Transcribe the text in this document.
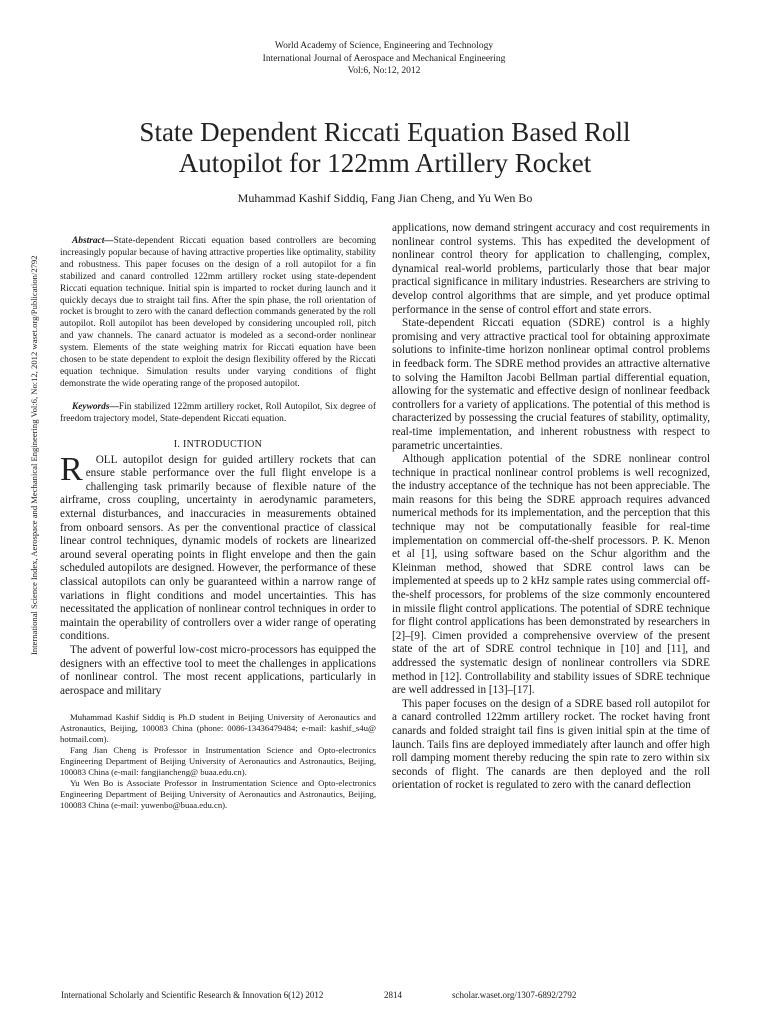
World Academy of Science, Engineering and Technology
International Journal of Aerospace and Mechanical Engineering
Vol:6, No:12, 2012
State Dependent Riccati Equation Based Roll
Autopilot for 122mm Artillery Rocket
Muhammad Kashif Siddiq, Fang Jian Cheng, and Yu Wen Bo
International Science Index, Aerospace and Mechanical Engineering Vol:6, No:12, 2012 waset.org/Publication/2792

Abstract—State-dependent Riccati equation based controllers are becoming increasingly popular because of having attractive properties like optimality, stability and robustness. This paper focuses on the design of a roll autopilot for a fin stabilized and canard controlled 122mm artillery rocket using state-dependent Riccati equation technique. Initial spin is imparted to rocket during launch and it quickly decays due to straight tail fins. After the spin phase, the roll orientation of rocket is brought to zero with the canard deflection commands generated by the roll autopilot. Roll autopilot has been developed by considering uncoupled roll, pitch and yaw channels. The canard actuator is modeled as a second-order nonlinear system. Elements of the state weighing matrix for Riccati equation have been chosen to be state dependent to exploit the design flexibility offered by the Riccati equation technique. Simulation results under varying conditions of flight demonstrate the wide operating range of the proposed autopilot.

Keywords—Fin stabilized 122mm artillery rocket, Roll Autopilot, Six degree of freedom trajectory model, State-dependent Riccati equation.

I. INTRODUCTION

R OLL autopilot design for guided artillery rockets that can ensure stable performance over the full flight envelope is a challenging task primarily because of flexible nature of the airframe, cross coupling, uncertainty in aerodynamic parameters, external disturbances, and inaccuracies in measurements obtained from onboard sensors. As per the conventional practice of classical linear control techniques, dynamic models of rockets are linearized around several operating points in flight envelope and then the gain scheduled autopilots are designed. However, the performance of these classical autopilots can only be guaranteed within a narrow range of variations in flight conditions and model uncertainties. This has necessitated the application of nonlinear control techniques in order to maintain the operability of controllers over a wider range of operating conditions.

The advent of powerful low-cost micro-processors has equipped the designers with an effective tool to meet the challenges in applications of nonlinear control. The most recent applications, particularly in aerospace and military

Muhammad Kashif Siddiq is Ph.D student in Beijing University of Aeronautics and Astronautics, Beijing, 100083 China (phone: 0086-13436479484; e-mail: kashif_s4u@ hotmail.com).

Fang Jian Cheng is Professor in Instrumentation Science and Opto-electronics Engineering Department of Beijing University of Aeronautics and Astronautics, Beijing, 100083 China (e-mail: fangjiancheng@ buaa.edu.cn).

Yu Wen Bo is Associate Professor in Instrumentation Science and Opto-electronics Engineering Department of Beijing University of Aeronautics and Astronautics, Beijing, 100083 China (e-mail: yuwenbo@buaa.edu.cn).

applications, now demand stringent accuracy and cost requirements in nonlinear control systems. This has expedited the development of nonlinear control theory for application to challenging, complex, dynamical real-world problems, particularly those that bear major practical significance in military industries. Researchers are striving to develop control algorithms that are simple, and yet produce optimal performance in the sense of control effort and state errors.

State-dependent Riccati equation (SDRE) control is a highly promising and very attractive practical tool for obtaining approximate solutions to infinite-time horizon nonlinear optimal control problems in feedback form. The SDRE method provides an attractive alternative to solving the Hamilton Jacobi Bellman partial differential equation, allowing for the systematic and effective design of nonlinear feedback controllers for a variety of applications. The potential of this method is characterized by possessing the crucial features of stability, optimality, real-time implementation, and inherent robustness with respect to parametric uncertainties.

Although application potential of the SDRE nonlinear control technique in practical nonlinear control problems is well recognized, the industry acceptance of the technique has not been appreciable. The main reasons for this being the SDRE approach requires advanced numerical methods for its implementation, and the perception that this technique may not be computationally feasible for real-time implementation on commercial off-the-shelf processors. P. K. Menon et al [1], using software based on the Schur algorithm and the Kleinman method, showed that SDRE control laws can be implemented at speeds up to 2 kHz sample rates using commercial off-the-shelf processors, for problems of the size commonly encountered in missile flight control applications. The potential of SDRE technique for flight control applications has been demonstrated by researchers in [2]–[9]. Cimen provided a comprehensive overview of the present state of the art of SDRE control technique in [10] and [11], and addressed the systematic design of nonlinear controllers via SDRE method in [12]. Controllability and stability issues of SDRE technique are well addressed in [13]–[17].

This paper focuses on the design of a SDRE based roll autopilot for a canard controlled 122mm artillery rocket. The rocket having front canards and folded straight tail fins is given initial spin at the time of launch. Tails fins are deployed immediately after launch and offer high roll damping moment thereby reducing the spin rate to zero within six seconds of flight. The canards are then deployed and the roll orientation of rocket is regulated to zero with the canard deflection

International Scholarly and Scientific Research & Innovation 6(12) 2012	2814	scholar.waset.org/1307-6892/2792
